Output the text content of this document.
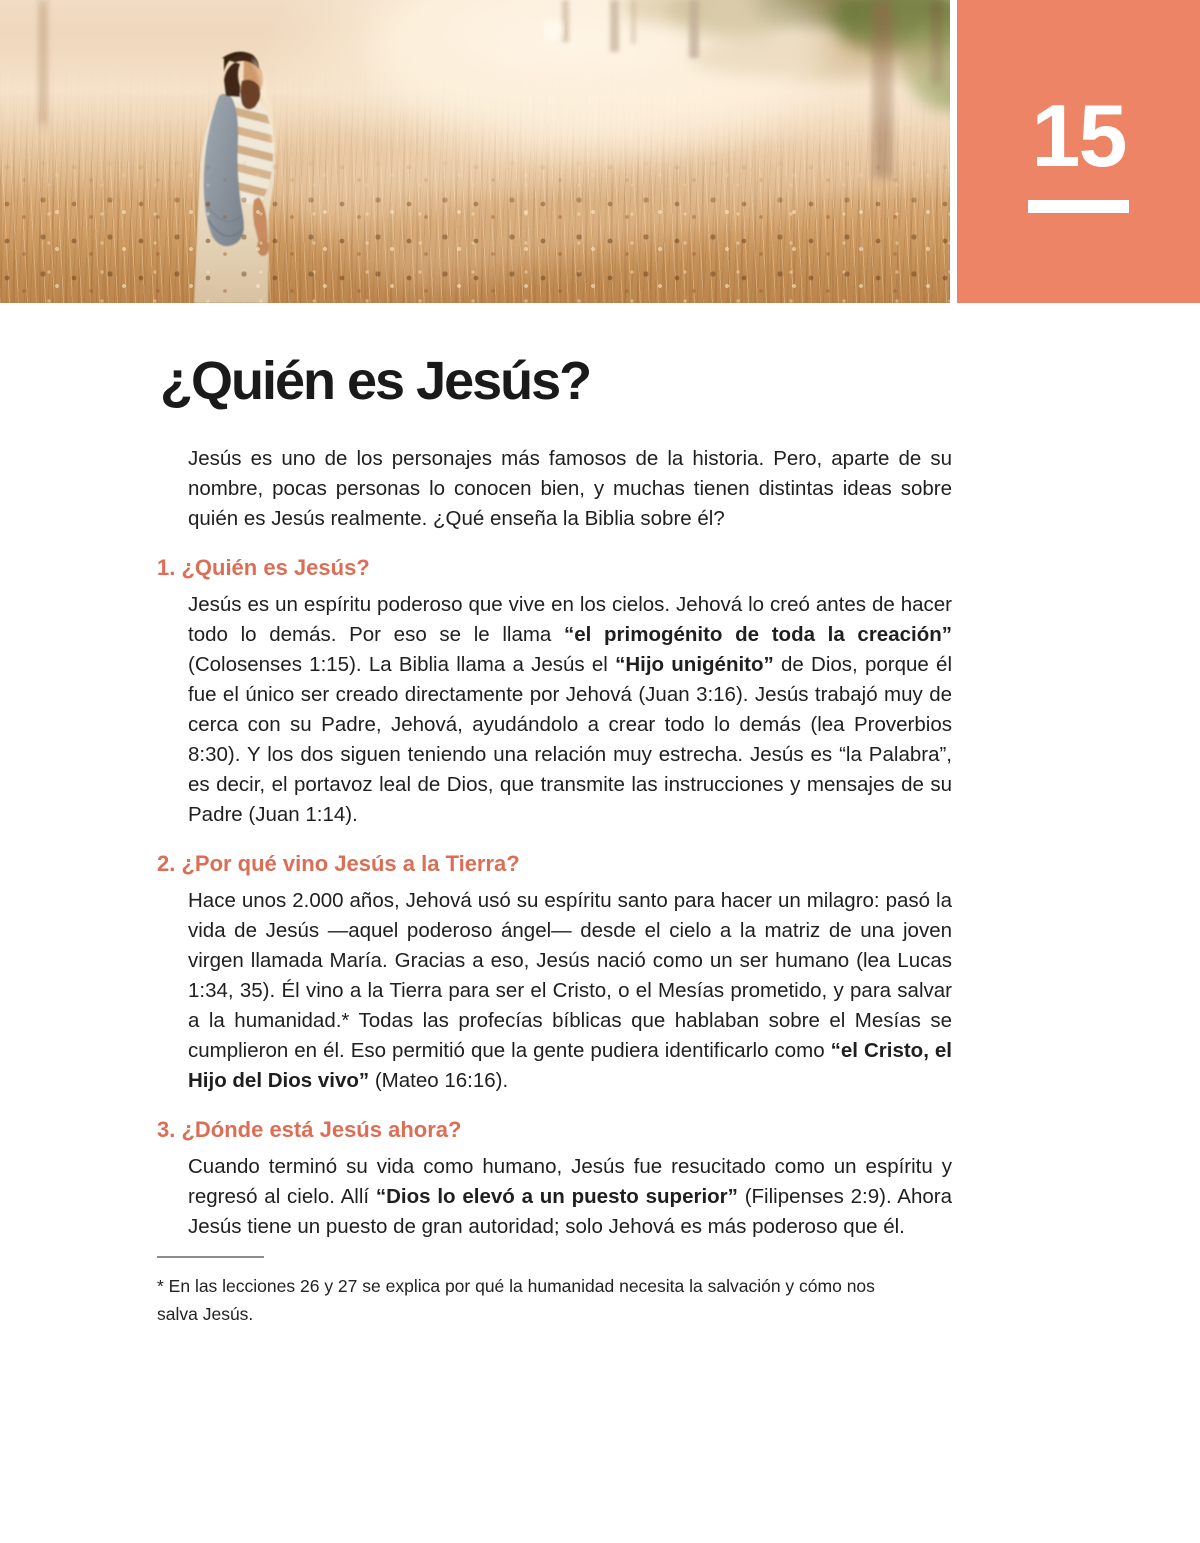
15
¿Quién es Jesús?

Jesús es uno de los personajes más famosos de la historia. Pero, aparte de su nombre, pocas personas lo conocen bien, y muchas tienen distintas ideas sobre quién es Jesús realmente. ¿Qué enseña la Biblia sobre él?

1. ¿Quién es Jesús?

Jesús es un espíritu poderoso que vive en los cielos. Jehová lo creó antes de hacer todo lo demás. Por eso se le llama “el primogénito de toda la creación” (Colosenses 1:15). La Biblia llama a Jesús el “Hijo unigénito” de Dios, porque él fue el único ser creado directamente por Jehová (Juan 3:16). Jesús trabajó muy de cerca con su Padre, Jehová, ayudándolo a crear todo lo demás (lea Proverbios 8:30). Y los dos siguen teniendo una relación muy estrecha. Jesús es “la Palabra”, es decir, el portavoz leal de Dios, que transmite las instrucciones y mensajes de su Padre (Juan 1:14).

2. ¿Por qué vino Jesús a la Tierra?

Hace unos 2.000 años, Jehová usó su espíritu santo para hacer un milagro: pasó la vida de Jesús —aquel poderoso ángel— desde el cielo a la matriz de una joven virgen llamada María. Gracias a eso, Jesús nació como un ser humano (lea Lucas 1:34, 35). Él vino a la Tierra para ser el Cristo, o el Mesías prometido, y para salvar a la humanidad.* Todas las profecías bíblicas que hablaban sobre el Mesías se cumplieron en él. Eso permitió que la gente pudiera identificarlo como “el Cristo, el Hijo del Dios vivo” (Mateo 16:16).

3. ¿Dónde está Jesús ahora?

Cuando terminó su vida como humano, Jesús fue resucitado como un espíritu y regresó al cielo. Allí “Dios lo elevó a un puesto superior” (Filipenses 2:9). Ahora Jesús tiene un puesto de gran autoridad; solo Jehová es más poderoso que él.

* En las lecciones 26 y 27 se explica por qué la humanidad necesita la salvación y cómo nos salva Jesús.
